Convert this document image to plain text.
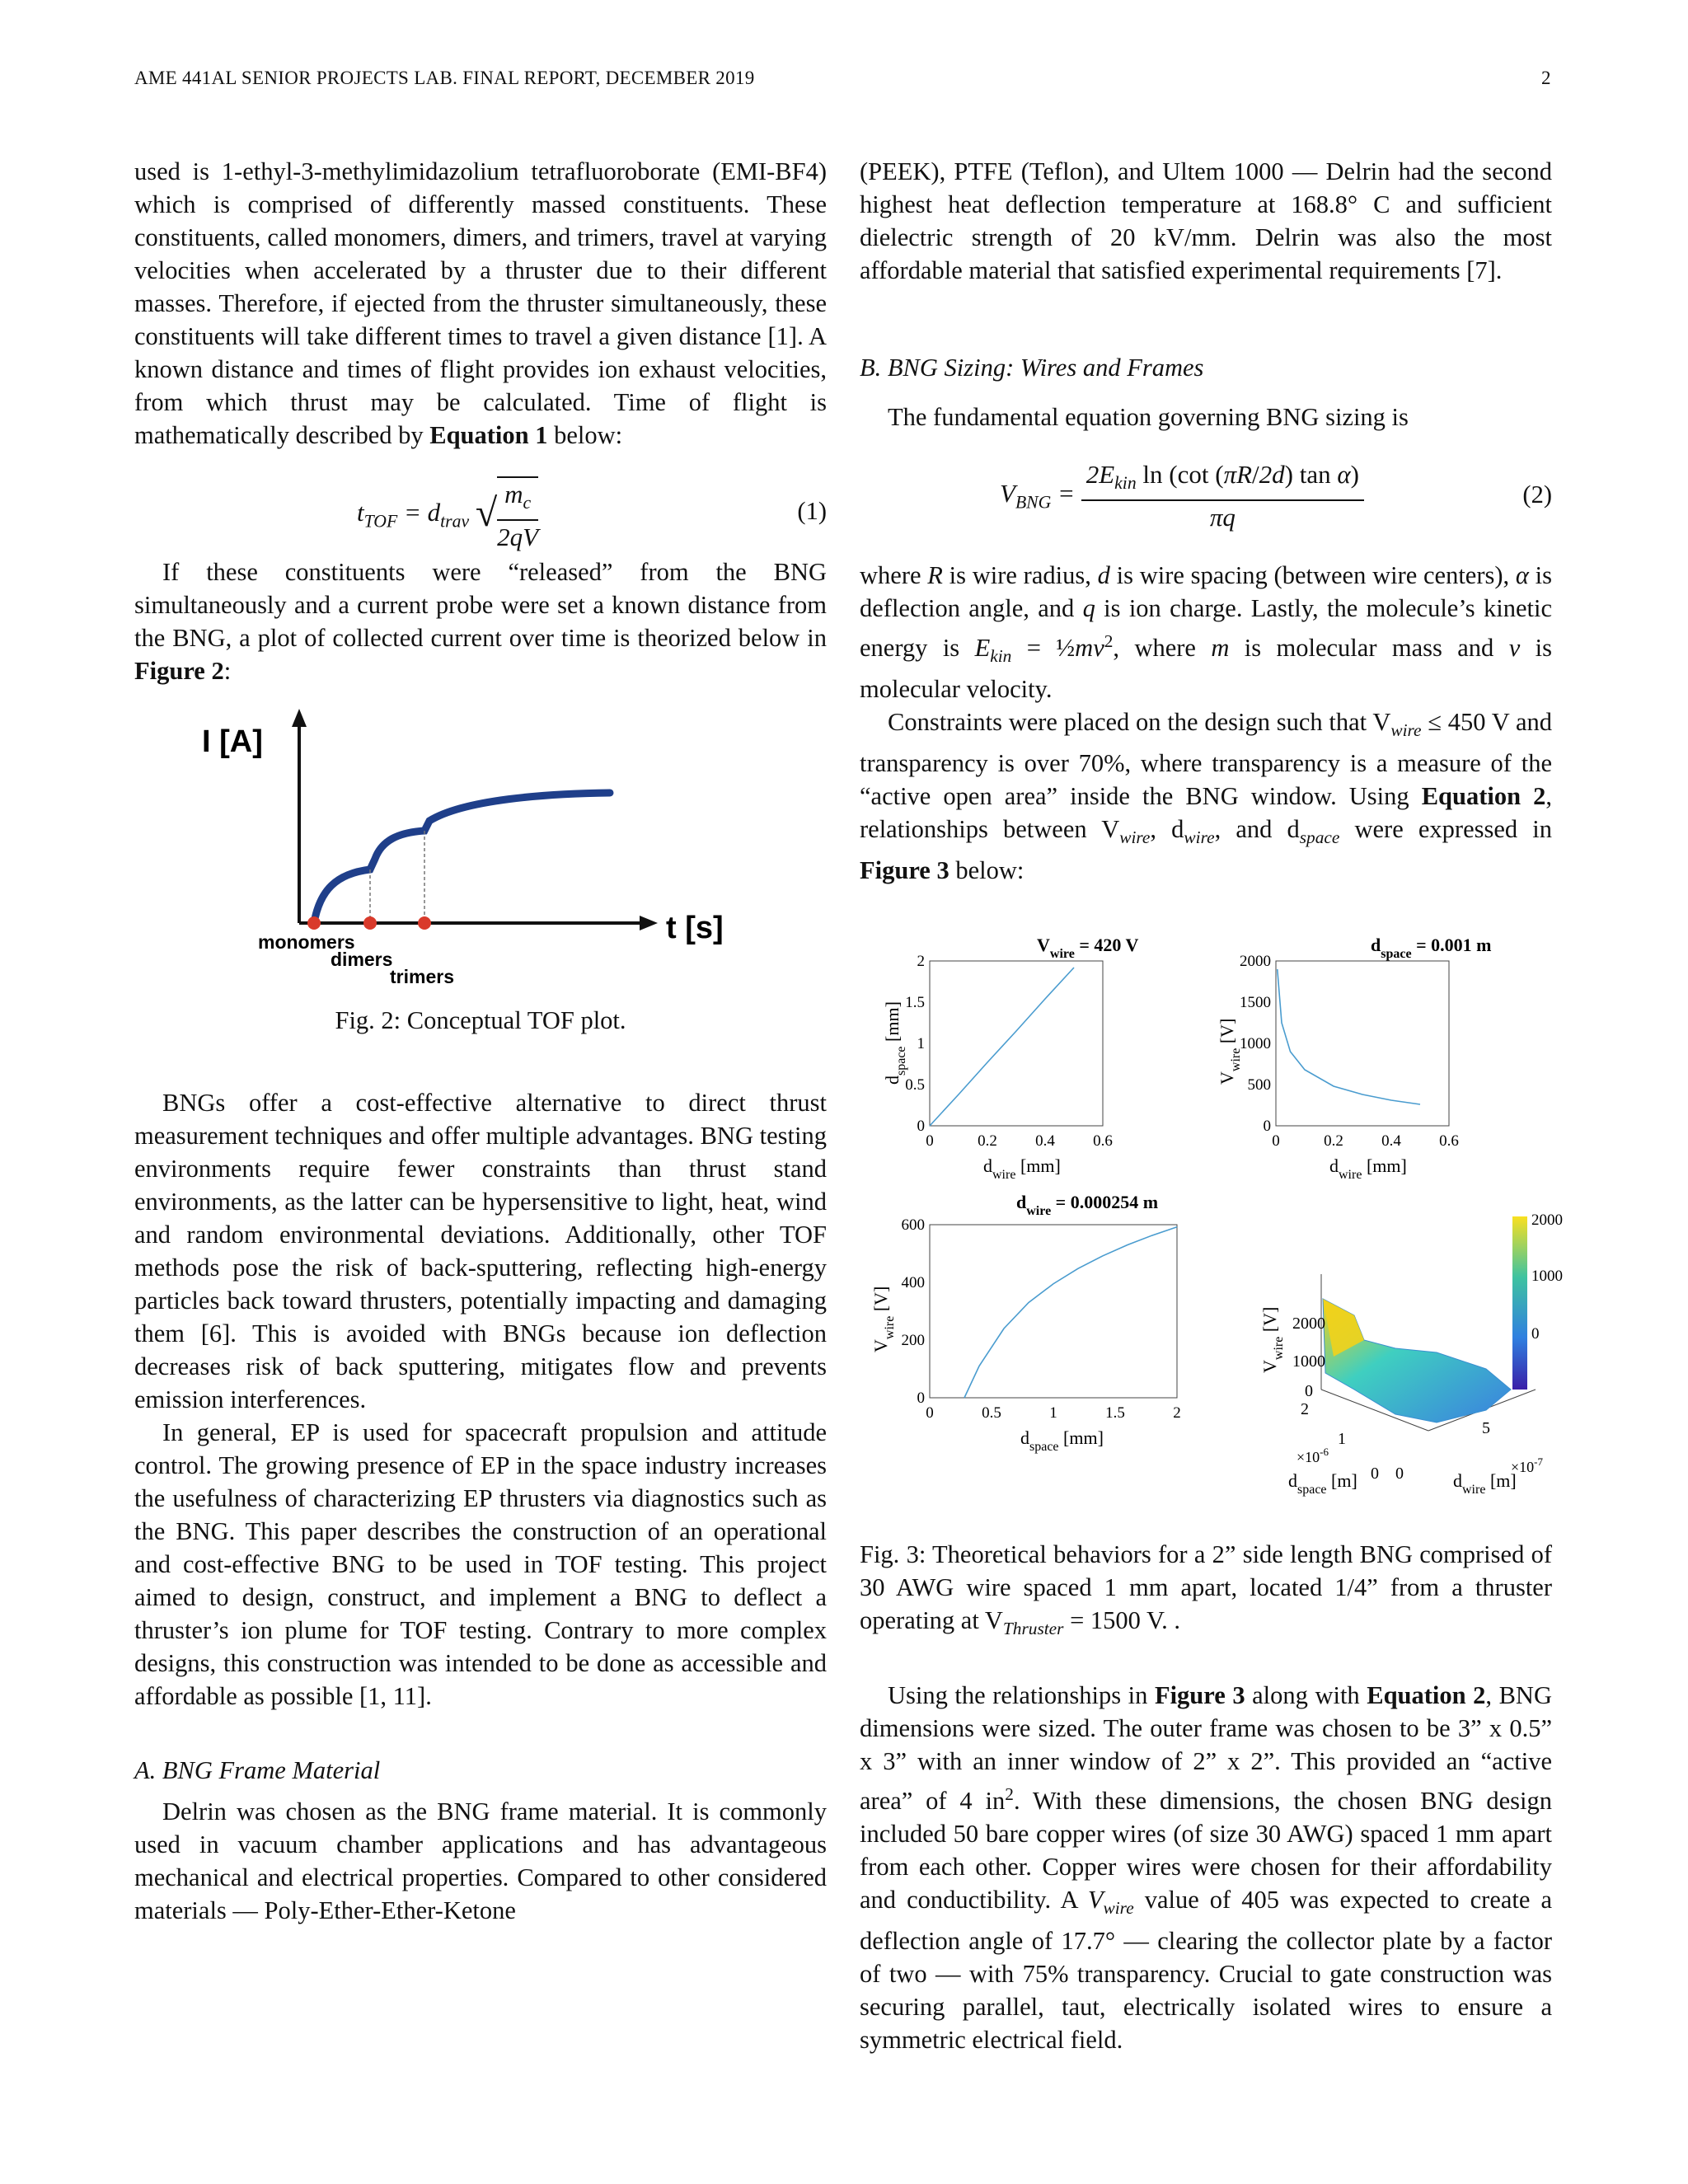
AME 441AL SENIOR PROJECTS LAB. FINAL REPORT, DECEMBER 2019	2

used is 1-ethyl-3-methylimidazolium tetrafluoroborate (EMI-BF4) which is comprised of differently massed constituents. These constituents, called monomers, dimers, and trimers, travel at varying velocities when accelerated by a thruster due to their different masses. Therefore, if ejected from the thruster simultaneously, these constituents will take different times to travel a given distance [1]. A known distance and times of flight provides ion exhaust velocities, from which thrust may be calculated. Time of flight is mathematically described by Equation 1 below:

$t_{TOF} = d_{trav}$ √ $\frac{m_c}{2qV}$	(1)

If these constituents were “released” from the BNG simultaneously and a current probe were set a known distance from the BNG, a plot of collected current over time is theorized below in Figure 2:

I [A]
t [s]
monomers
dimers
trimers
Fig. 2: Conceptual TOF plot.

BNGs offer a cost-effective alternative to direct thrust measurement techniques and offer multiple advantages. BNG testing environments require fewer constraints than thrust stand environments, as the latter can be hypersensitive to light, heat, wind and random environmental deviations. Additionally, other TOF methods pose the risk of back-sputtering, reflecting high-energy particles back toward thrusters, potentially impacting and damaging them [6]. This is avoided with BNGs because ion deflection decreases risk of back sputtering, mitigates flow and prevents emission interferences.

In general, EP is used for spacecraft propulsion and attitude control. The growing presence of EP in the space industry increases the usefulness of characterizing EP thrusters via diagnostics such as the BNG. This paper describes the construction of an operational and cost-effective BNG to be used in TOF testing. This project aimed to design, construct, and implement a BNG to deflect a thruster’s ion plume for TOF testing. Contrary to more complex designs, this construction was intended to be done as accessible and affordable as possible [1, 11].

A. BNG Frame Material

Delrin was chosen as the BNG frame material. It is commonly used in vacuum chamber applications and has advantageous mechanical and electrical properties. Compared to other considered materials — Poly-Ether-Ether-Ketone

(PEEK), PTFE (Teflon), and Ultem 1000 — Delrin had the second highest heat deflection temperature at 168.8° C and sufficient dielectric strength of 20 kV/mm. Delrin was also the most affordable material that satisfied experimental requirements [7].

B. BNG Sizing: Wires and Frames

The fundamental equation governing BNG sizing is

$V_{BNG} = \frac{2E_{kin} \ln (\cot (\pi R/2d) \tan \alpha)}{\pi q}$	(2)

where R is wire radius, d is wire spacing (between wire centers), α is deflection angle, and q is ion charge. Lastly, the molecule’s kinetic energy is $E_{kin}$ = $\frac{1}{2}mv^2$, where m is molecular mass and v is molecular velocity.

Constraints were placed on the design such that $V_{wire} \le 450$ V and transparency is over 70%, where transparency is a measure of the “active open area” inside the BNG window. Using Equation 2, relationships between $V_{wire}$, $d_{wire}$, and $d_{space}$ were expressed in Figure 3 below:

$V_{wire} = 420$ V	$d_{space} = 0.001$ m
$d_{wire} = 0.000254$ m
0	0.2 0.4 0.6
0
0.5
1
1.5
2
$d_{wire}$ [mm]
$d_{space}$ [mm]
0	0.2 0.4 0.6
0
500
1000
1500
2000
$d_{wire}$ [mm]
$V_{wire}$ [V]
0	0.5	1	1.5	2
0
200
400
600
$d_{space}$ [mm]
$V_{wire}$ [V]
2000
1000
0
2
1
0 0
5
$\times 10^{-6}$
$\times 10^{-7}$
$d_{space}$ [m]	$d_{wire}$ [m]
$V_{wire}$ [V]
2000
1000
0

Fig. 3: Theoretical behaviors for a 2” side length BNG comprised of 30 AWG wire spaced 1 mm apart, located 1/4” from a thruster operating at $V_{Thruster} = 1500$ V. .

Using the relationships in Figure 3 along with Equation 2, BNG dimensions were sized. The outer frame was chosen to be 3” x 0.5” x 3” with an inner window of 2” x 2”. This provided an “active area” of 4 $in^2$. With these dimensions, the chosen BNG design included 50 bare copper wires (of size 30 AWG) spaced 1 mm apart from each other. Copper wires were chosen for their affordability and conductibility. A $V_{wire}$ value of 405 was expected to create a deflection angle of 17.7° — clearing the collector plate by a factor of two — with 75% transparency. Crucial to gate construction was securing parallel, taut, electrically isolated wires to ensure a symmetric electrical field.
